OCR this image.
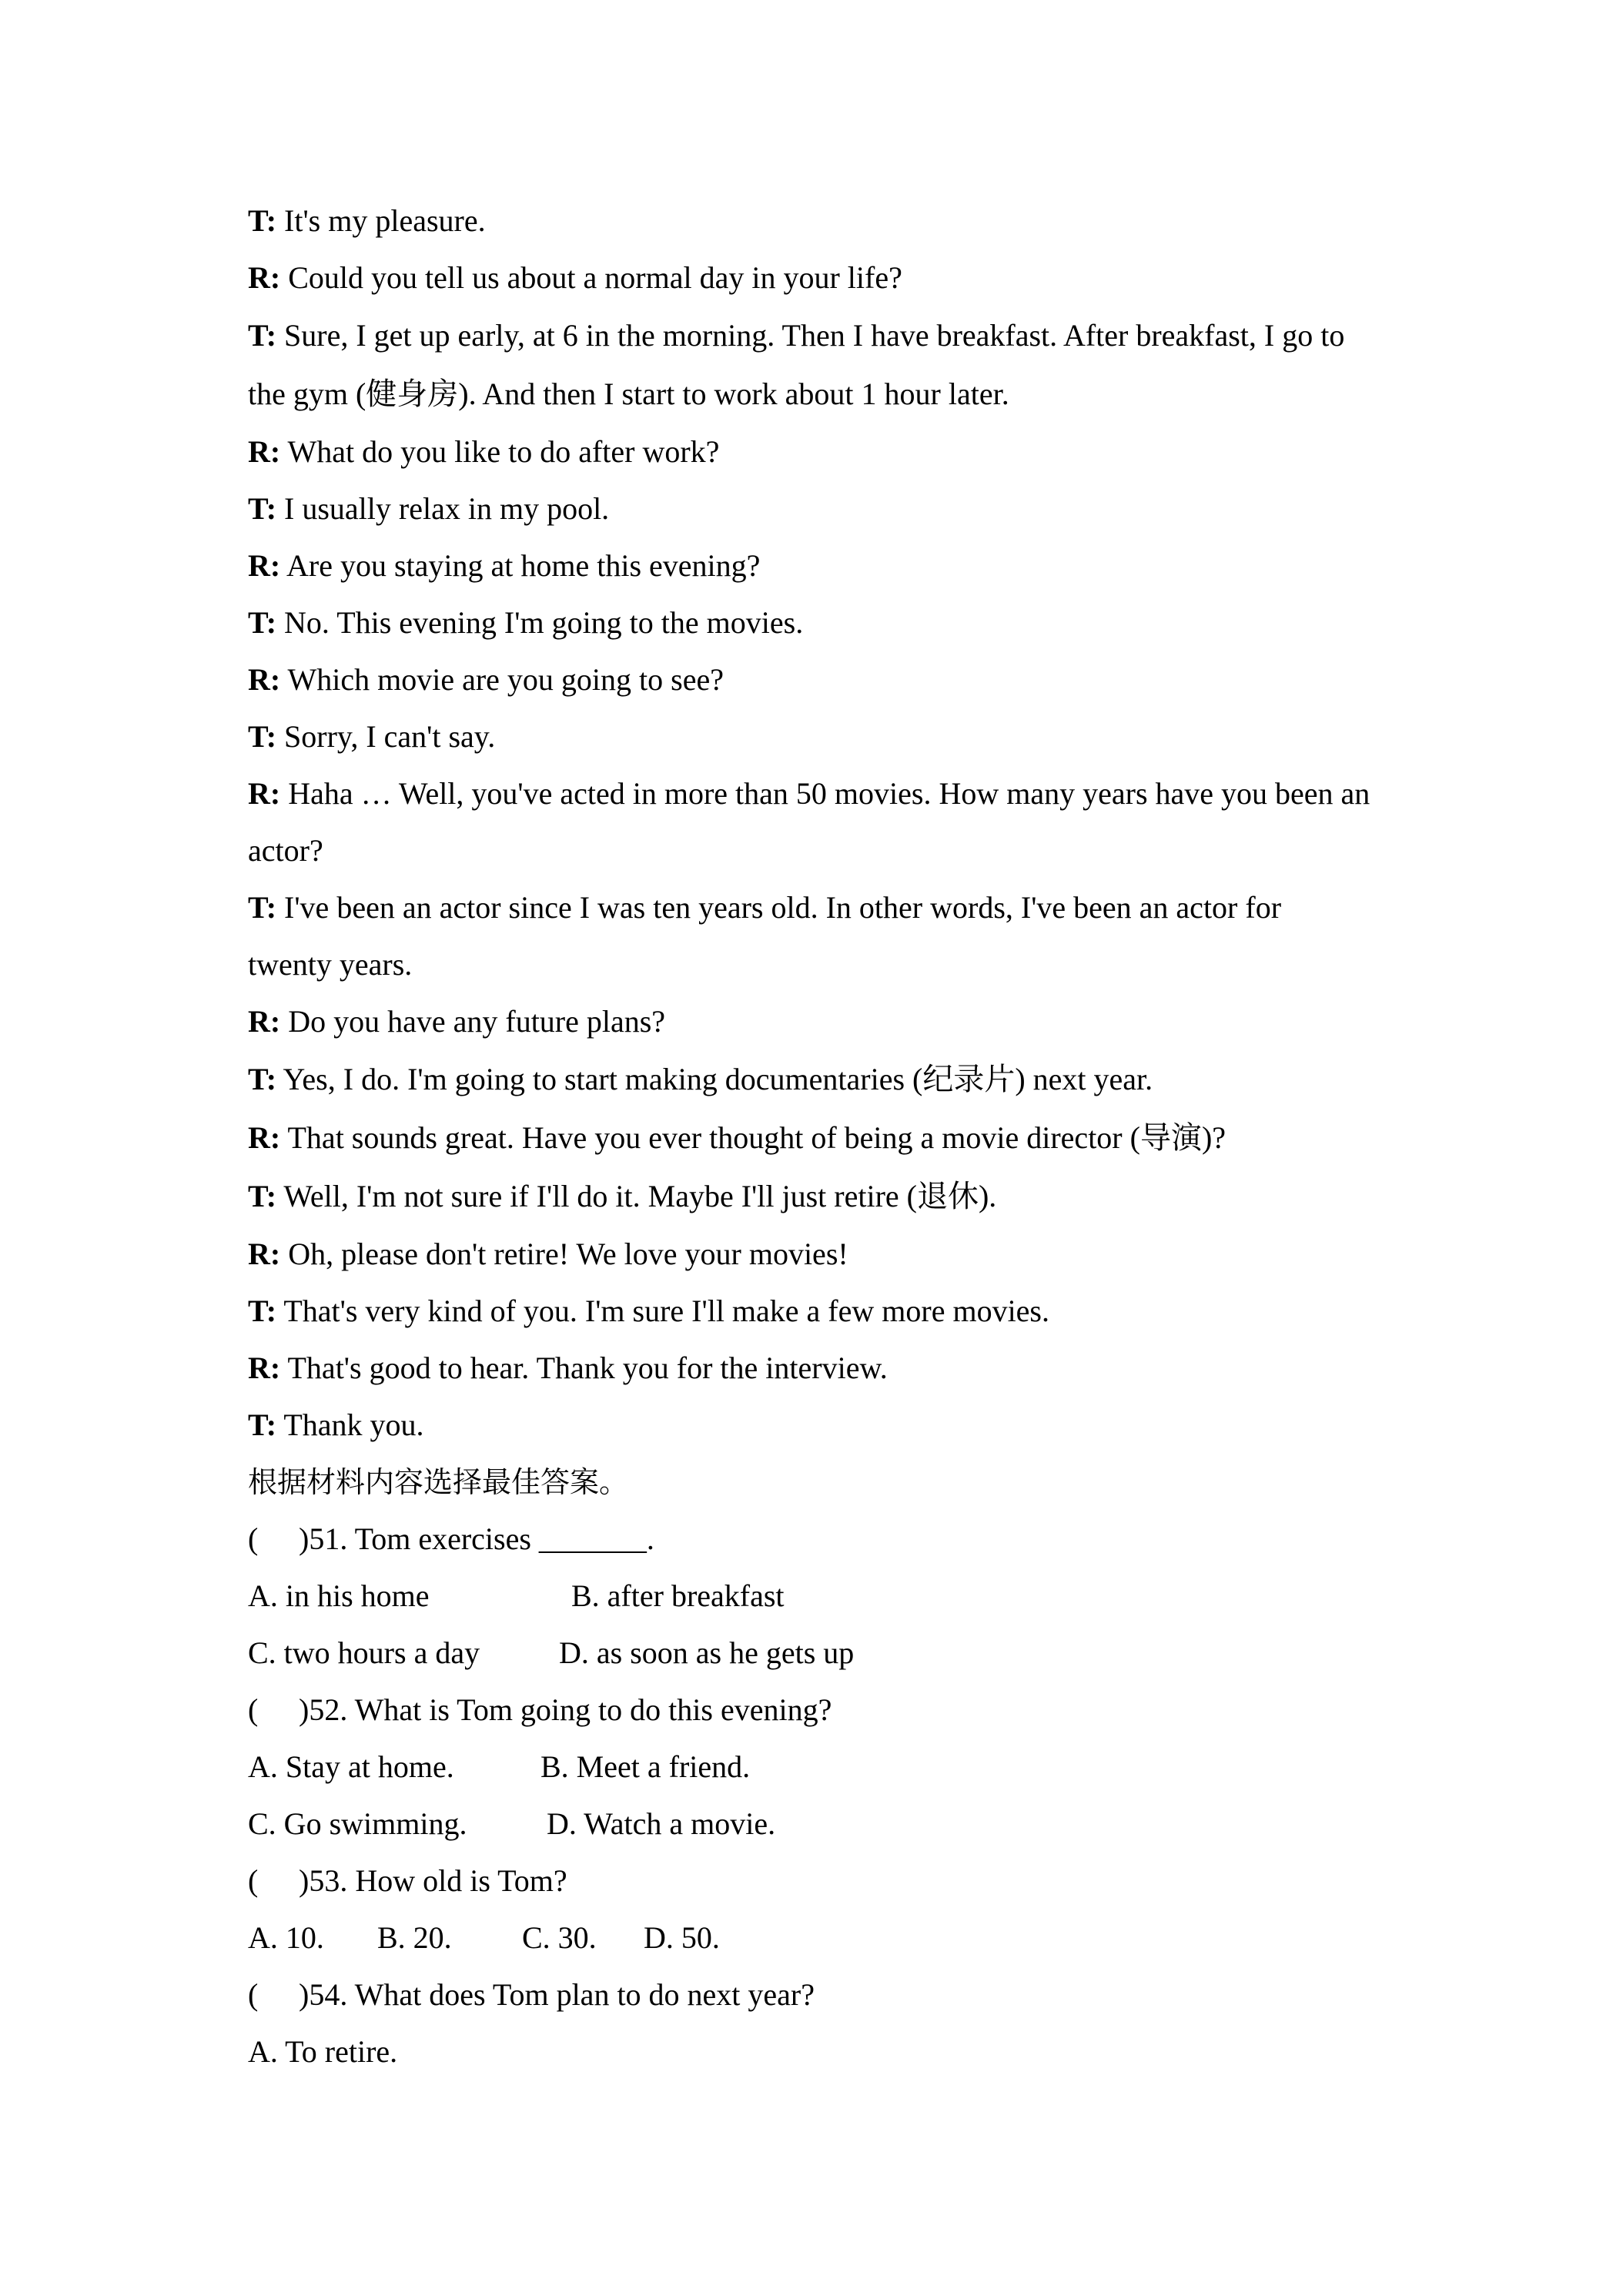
T: It's my pleasure.

R: Could you tell us about a normal day in your life?

T: Sure, I get up early, at 6 in the morning. Then I have breakfast. After breakfast, I go to the gym (健身房). And then I start to work about 1 hour later.

R: What do you like to do after work?

T: I usually relax in my pool.

R: Are you staying at home this evening?

T: No. This evening I'm going to the movies.

R: Which movie are you going to see?

T: Sorry, I can't say.

R: Haha … Well, you've acted in more than 50 movies. How many years have you been an actor?

T: I've been an actor since I was ten years old. In other words, I've been an actor for twenty years.

R: Do you have any future plans?

T: Yes, I do. I'm going to start making documentaries (纪录片) next year.

R: That sounds great. Have you ever thought of being a movie director (导演)?

T: Well, I'm not sure if I'll do it. Maybe I'll just retire (退休).

R: Oh, please don't retire! We love your movies!

T: That's very kind of you. I'm sure I'll make a few more movies.

R: That's good to hear. Thank you for the interview.

T: Thank you.

根据材料内容选择最佳答案。

( )51. Tom exercises _______.

A. in his home	B. after breakfast

C. two hours a day	D. as soon as he gets up

( )52. What is Tom going to do this evening?

A. Stay at home.	B. Meet a friend.

C. Go swimming.	D. Watch a movie.

( )53. How old is Tom?

A. 10. B. 20. C. 30. D. 50.

( )54. What does Tom plan to do next year?

A. To retire.
